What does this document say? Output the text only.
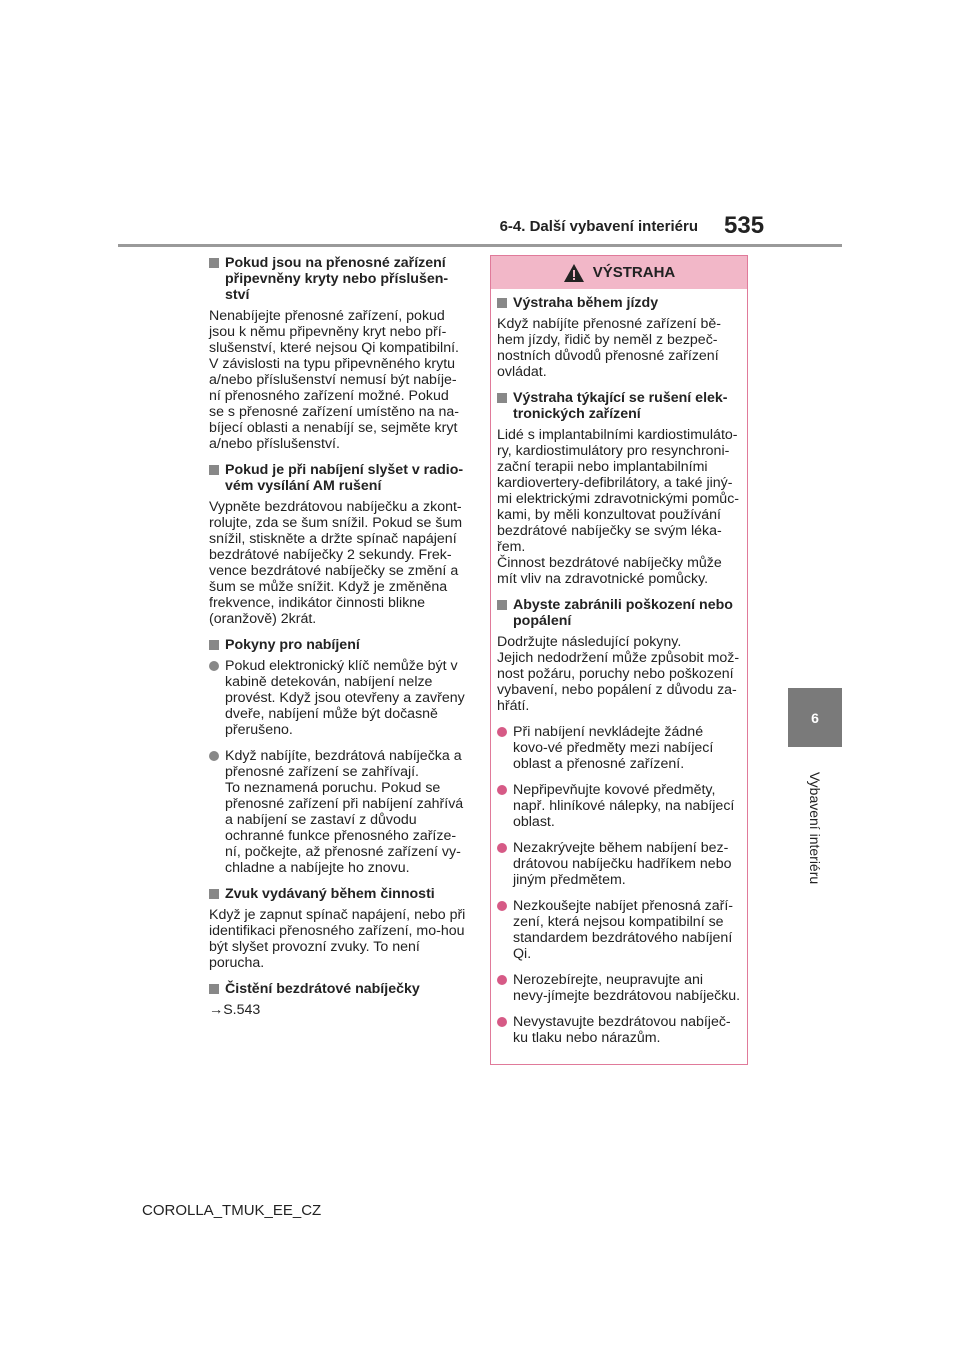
6-4. Další vybavení interiéru 535
6
Vybavení interiéru
Pokud jsou na přenosné zařízení připevněny kryty nebo příslušen-ství
Nenabíjejte přenosné zařízení, pokud jsou k němu připevněny kryt nebo pří-slušenství, které nejsou Qi kompatibilní. V závislosti na typu připevněného krytu a/nebo příslušenství nemusí být nabíje-ní přenosného zařízení možné. Pokud se s přenosné zařízení umístěno na na-bíjecí oblasti a nenabíjí se, sejměte kryt a/nebo příslušenství.
Pokud je při nabíjení slyšet v radio-vém vysílání AM rušení
Vypněte bezdrátovou nabíječku a zkont-rolujte, zda se šum snížil. Pokud se šum snížil, stiskněte a držte spínač napájení bezdrátové nabíječky 2 sekundy. Frek-vence bezdrátové nabíječky se změní a šum se může snížit. Když je změněna frekvence, indikátor činnosti blikne (oranžově) 2krát.
Pokyny pro nabíjení
Pokud elektronický klíč nemůže být v kabině detekován, nabíjení nelze provést. Když jsou otevřeny a zavřeny dveře, nabíjení může být dočasně přerušeno.
Když nabíjíte, bezdrátová nabíječka a přenosné zařízení se zahřívají.
To neznamená poruchu. Pokud se přenosné zařízení při nabíjení zahřívá a nabíjení se zastaví z důvodu ochranné funkce přenosného zaříze-ní, počkejte, až přenosné zařízení vy-chladne a nabíjejte ho znovu.
Zvuk vydávaný během činnosti
Když je zapnut spínač napájení, nebo při identifikaci přenosného zařízení, mo-hou být slyšet provozní zvuky. To není porucha.
Čistění bezdrátové nabíječky
→S.543
VÝSTRAHA
Výstraha během jízdy
Když nabíjíte přenosné zařízení bě-hem jízdy, řidič by neměl z bezpeč-nostních důvodů přenosné zařízení ovládat.
Výstraha týkající se rušení elek-tronických zařízení
Lidé s implantabilními kardiostimuláto-ry, kardiostimulátory pro resynchroni-zační terapii nebo implantabilními kardiovertery-defibrilátory, a také jiný-mi elektrickými zdravotnickými pomůc-kami, by měli konzultovat používání bezdrátové nabíječky se svým léka-řem.
Činnost bezdrátové nabíječky může mít vliv na zdravotnické pomůcky.
Abyste zabránili poškození nebo popálení
Dodržujte následující pokyny.
Jejich nedodržení může způsobit mož-nost požáru, poruchy nebo poškození vybavení, nebo popálení z důvodu za-hřátí.
Při nabíjení nevkládejte žádné kovo-vé předměty mezi nabíjecí oblast a přenosné zařízení.
Nepřipevňujte kovové předměty, např. hliníkové nálepky, na nabíjecí oblast.
Nezakrývejte během nabíjení bez-drátovou nabíječku hadříkem nebo jiným předmětem.
Nezkoušejte nabíjet přenosná zaří-zení, která nejsou kompatibilní se standardem bezdrátového nabíjení Qi.
Nerozebírejte, neupravujte ani nevy-jímejte bezdrátovou nabíječku.
Nevystavujte bezdrátovou nabíječ-ku tlaku nebo nárazům.
COROLLA_TMUK_EE_CZ
